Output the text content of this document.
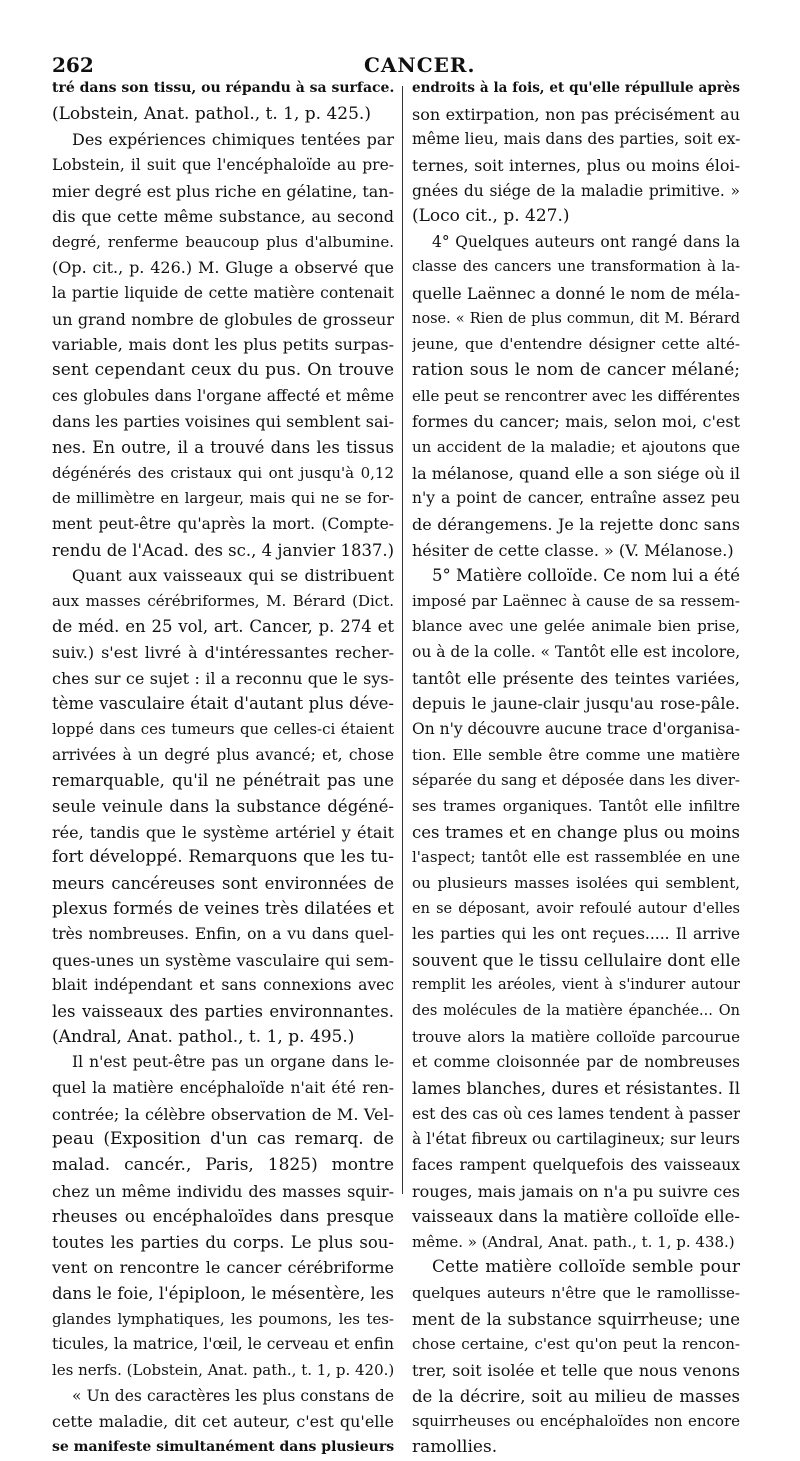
262	CANCER.
tré dans son tissu, ou répandu à sa surface.
(Lobstein, Anat. pathol., t. 1, p. 425.)
Des expériences chimiques tentées par
Lobstein, il suit que l'encéphaloïde au pre-
mier degré est plus riche en gélatine, tan-
dis que cette même substance, au second
degré, renferme beaucoup plus d'albumine.
(Op. cit., p. 426.) M. Gluge a observé que
la partie liquide de cette matière contenait
un grand nombre de globules de grosseur
variable, mais dont les plus petits surpas-
sent cependant ceux du pus. On trouve
ces globules dans l'organe affecté et même
dans les parties voisines qui semblent sai-
nes. En outre, il a trouvé dans les tissus
dégénérés des cristaux qui ont jusqu'à 0,12
de millimètre en largeur, mais qui ne se for-
ment peut-être qu'après la mort. (Compte-
rendu de l'Acad. des sc., 4 janvier 1837.)
Quant aux vaisseaux qui se distribuent
aux masses cérébriformes, M. Bérard (Dict.
de méd. en 25 vol, art. Cancer, p. 274 et
suiv.) s'est livré à d'intéressantes recher-
ches sur ce sujet : il a reconnu que le sys-
tème vasculaire était d'autant plus déve-
loppé dans ces tumeurs que celles-ci étaient
arrivées à un degré plus avancé; et, chose
remarquable, qu'il ne pénétrait pas une
seule veinule dans la substance dégéné-
rée, tandis que le système artériel y était
fort développé. Remarquons que les tu-
meurs cancéreuses sont environnées de
plexus formés de veines très dilatées et
très nombreuses. Enfin, on a vu dans quel-
ques-unes un système vasculaire qui sem-
blait indépendant et sans connexions avec
les vaisseaux des parties environnantes.
(Andral, Anat. pathol., t. 1, p. 495.)
Il n'est peut-être pas un organe dans le-
quel la matière encéphaloïde n'ait été ren-
contrée; la célèbre observation de M. Vel-
peau (Exposition d'un cas remarq. de
malad. cancér., Paris, 1825) montre
chez un même individu des masses squir-
rheuses ou encéphaloïdes dans presque
toutes les parties du corps. Le plus sou-
vent on rencontre le cancer cérébriforme
dans le foie, l'épiploon, le mésentère, les
glandes lymphatiques, les poumons, les tes-
ticules, la matrice, l'œil, le cerveau et enfin
les nerfs. (Lobstein, Anat. path., t. 1, p. 420.)
« Un des caractères les plus constans de
cette maladie, dit cet auteur, c'est qu'elle
se manifeste simultanément dans plusieurs
endroits à la fois, et qu'elle répullule après
son extirpation, non pas précisément au
même lieu, mais dans des parties, soit ex-
ternes, soit internes, plus ou moins éloi-
gnées du siége de la maladie primitive. »
(Loco cit., p. 427.)
4° Quelques auteurs ont rangé dans la
classe des cancers une transformation à la-
quelle Laënnec a donné le nom de méla-
nose. « Rien de plus commun, dit M. Bérard
jeune, que d'entendre désigner cette alté-
ration sous le nom de cancer mélané;
elle peut se rencontrer avec les différentes
formes du cancer; mais, selon moi, c'est
un accident de la maladie; et ajoutons que
la mélanose, quand elle a son siége où il
n'y a point de cancer, entraîne assez peu
de dérangemens. Je la rejette donc sans
hésiter de cette classe. » (V. Mélanose.)
5° Matière colloïde. Ce nom lui a été
imposé par Laënnec à cause de sa ressem-
blance avec une gelée animale bien prise,
ou à de la colle. « Tantôt elle est incolore,
tantôt elle présente des teintes variées,
depuis le jaune-clair jusqu'au rose-pâle.
On n'y découvre aucune trace d'organisa-
tion. Elle semble être comme une matière
séparée du sang et déposée dans les diver-
ses trames organiques. Tantôt elle infiltre
ces trames et en change plus ou moins
l'aspect; tantôt elle est rassemblée en une
ou plusieurs masses isolées qui semblent,
en se déposant, avoir refoulé autour d'elles
les parties qui les ont reçues..... Il arrive
souvent que le tissu cellulaire dont elle
remplit les aréoles, vient à s'indurer autour
des molécules de la matière épanchée... On
trouve alors la matière colloïde parcourue
et comme cloisonnée par de nombreuses
lames blanches, dures et résistantes. Il
est des cas où ces lames tendent à passer
à l'état fibreux ou cartilagineux; sur leurs
faces rampent quelquefois des vaisseaux
rouges, mais jamais on n'a pu suivre ces
vaisseaux dans la matière colloïde elle-
même. » (Andral, Anat. path., t. 1, p. 438.)
Cette matière colloïde semble pour
quelques auteurs n'être que le ramollisse-
ment de la substance squirrheuse; une
chose certaine, c'est qu'on peut la rencon-
trer, soit isolée et telle que nous venons
de la décrire, soit au milieu de masses
squirrheuses ou encéphaloïdes non encore
ramollies.
